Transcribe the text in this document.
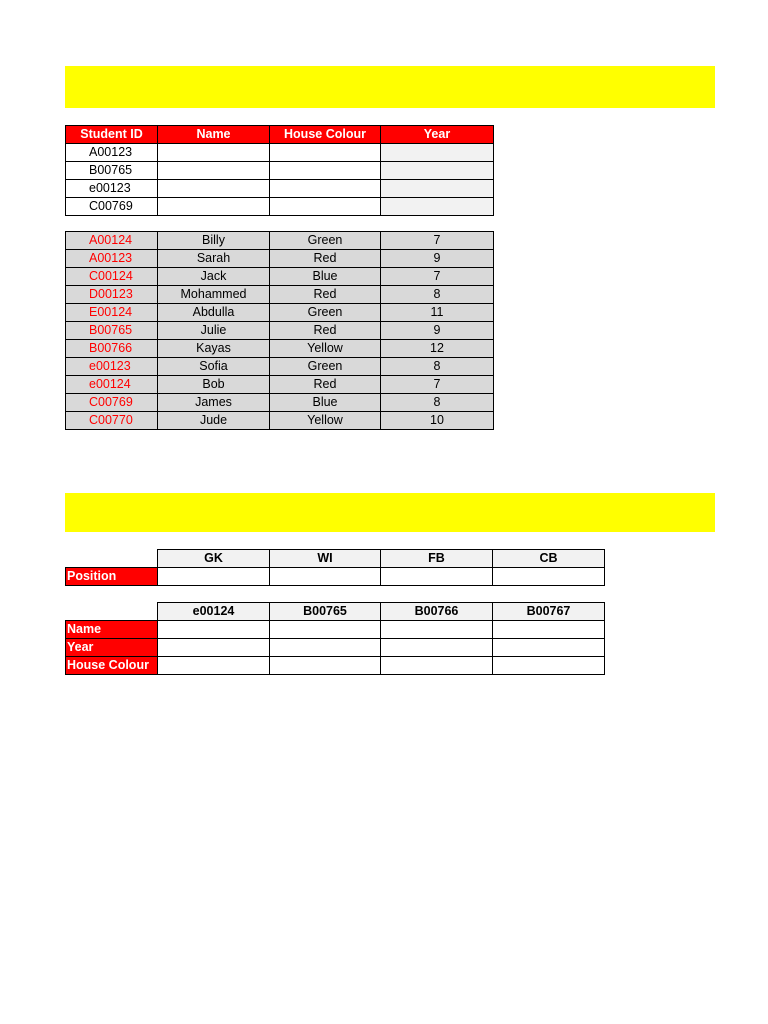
Student ID	Name	House Colour	Year
A00123			
B00765			
e00123			
C00769			
A00124	Billy	Green	7
A00123	Sarah	Red	9
C00124	Jack	Blue	7
D00123	Mohammed	Red	8
E00124	Abdulla	Green	11
B00765	Julie	Red	9
B00766	Kayas	Yellow	12
e00123	Sofia	Green	8
e00124	Bob	Red	7
C00769	James	Blue	8
C00770	Jude	Yellow	10
	GK	WI	FB	CB
Position				
	e00124	B00765	B00766	B00767
Name				
Year				
House Colour				
